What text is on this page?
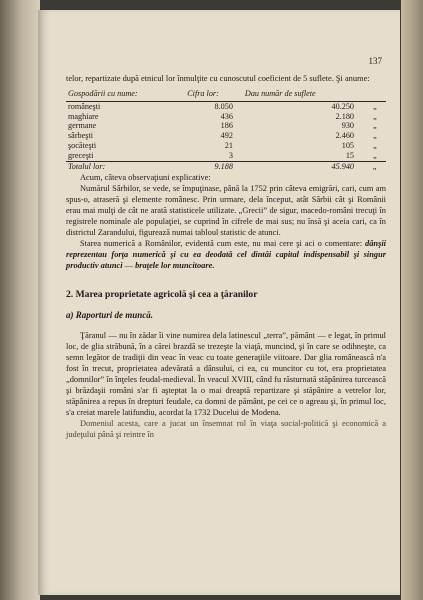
137

telor, repartizate după etnicul lor înmulţite cu cunoscutul coeficient de 5 suflete. Şi anume:

Gospodării cu nume:	Cifra lor:	Dau număr de suflete	
româneşti	8.050	40.250	„
maghiare	436	2.180	„
germane	186	930	„
sârbeşti	492	2.460	„
şocăteşti	21	105	„
greceşti	3	15	„
Totalul lor:	9.188	45.940	„

Acum, câteva observaţiuni explicative:

Numărul Sârbilor, se vede, se împuţinase, până la 1752 prin câteva emigrări, cari, cum am spus-o, atraseră şi elemente românesc. Prin urmare, dela început, atât Sârbii cât şi Românii erau mai mulţi de cât ne arată statisticele utilizate. „Grecii” de sigur, macedo-români trecuţi în registrele nominale ale populaţiei, se cuprind în cifrele de mai sus; nu însă şi aceia cari, ca în districtul Zarandului, figurează numai tabloul statistic de atunci.

Starea numerică a Românilor, evidentă cum este, nu mai cere şi aci o comentare: dânşii reprezentau forţa numerică şi cu ea deodată cel dintâi capital indispensabil şi singur productiv atunci — braţele lor muncitoare.

2. Marea proprietate agricolă şi cea a ţăranilor
a) Raporturi de muncă.

Ţăranul — nu în zădar îi vine numirea dela latinescul „terra”, pământ — e legat, în primul loc, de glia străbună, în a cărei brazdă se trezeşte la viaţă, muncind, şi în care se odihneşte, ca semn legător de tradiţii din veac în veac cu toate generaţiile viitoare. Dar glia românească n'a fost în trecut, proprietatea adevărată a dânsului, ci ea, cu muncitor cu tot, era proprietatea „domnilor” în înţeles feudal-medieval. În veacul XVIII, când fu răsturnată stăpânirea turcească şi brăzdaşii români s'ar fi aşteptat la o mai dreaptă repartizare şi stăpânire a vetrelor lor, stăpânirea a repus în drepturi feudale, ca domni de pământ, pe cei ce o agreau şi, în primul loc, s'a creiat marele latifundiu, acordat la 1732 Ducelui de Modena.

Domeniul acesta, care a jucat un însemnat rol în viaţa social-politică şi economică a judeţului până şi reintre în
